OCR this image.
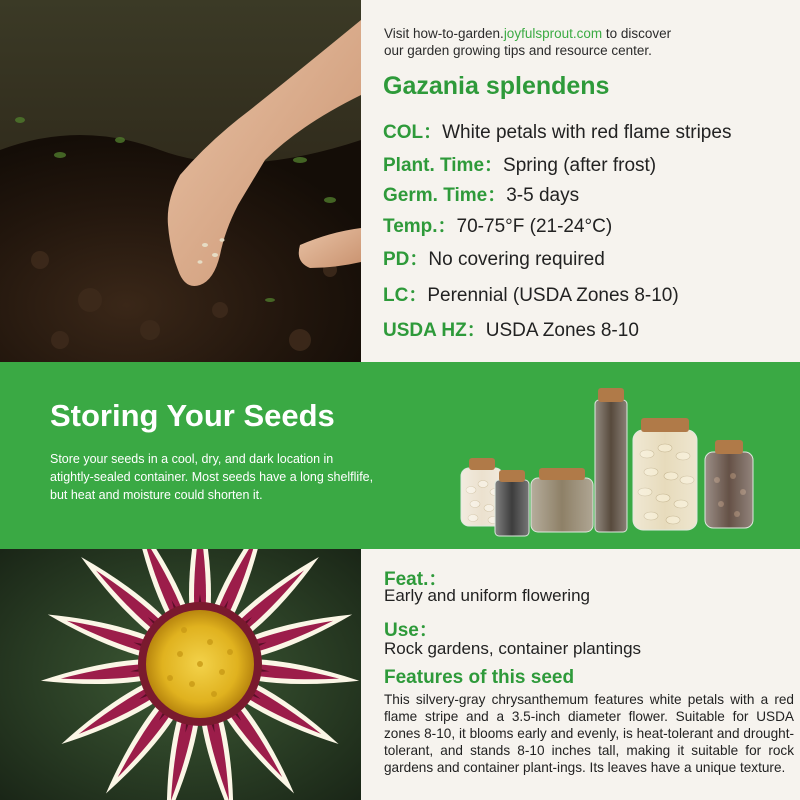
Visit how-to-garden.joyfulsprout.com to discover
our garden growing tips and resource center.
Gazania splendens
COL：White petals with red flame stripes
Plant. Time：Spring (after frost)
Germ. Time：3-5 days
Temp.：70-75°F (21-24°C)
PD：No covering required
LC：Perennial (USDA Zones 8-10)
USDA HZ：USDA Zones 8-10
Storing Your Seeds
Store your seeds in a cool, dry, and dark location in atightly-sealed container. Most seeds have a long shelflife, but heat and moisture could shorten it.
Feat.：
Early and uniform flowering
Use：
Rock gardens, container plantings
Features of this seed
This silvery-gray chrysanthemum features white petals with a red flame stripe and a 3.5-inch diameter flower. Suitable for USDA zones 8-10, it blooms early and evenly, is heat-tolerant and drought-tolerant, and stands 8-10 inches tall, making it suitable for rock gardens and container plant-ings. Its leaves have a unique texture.
